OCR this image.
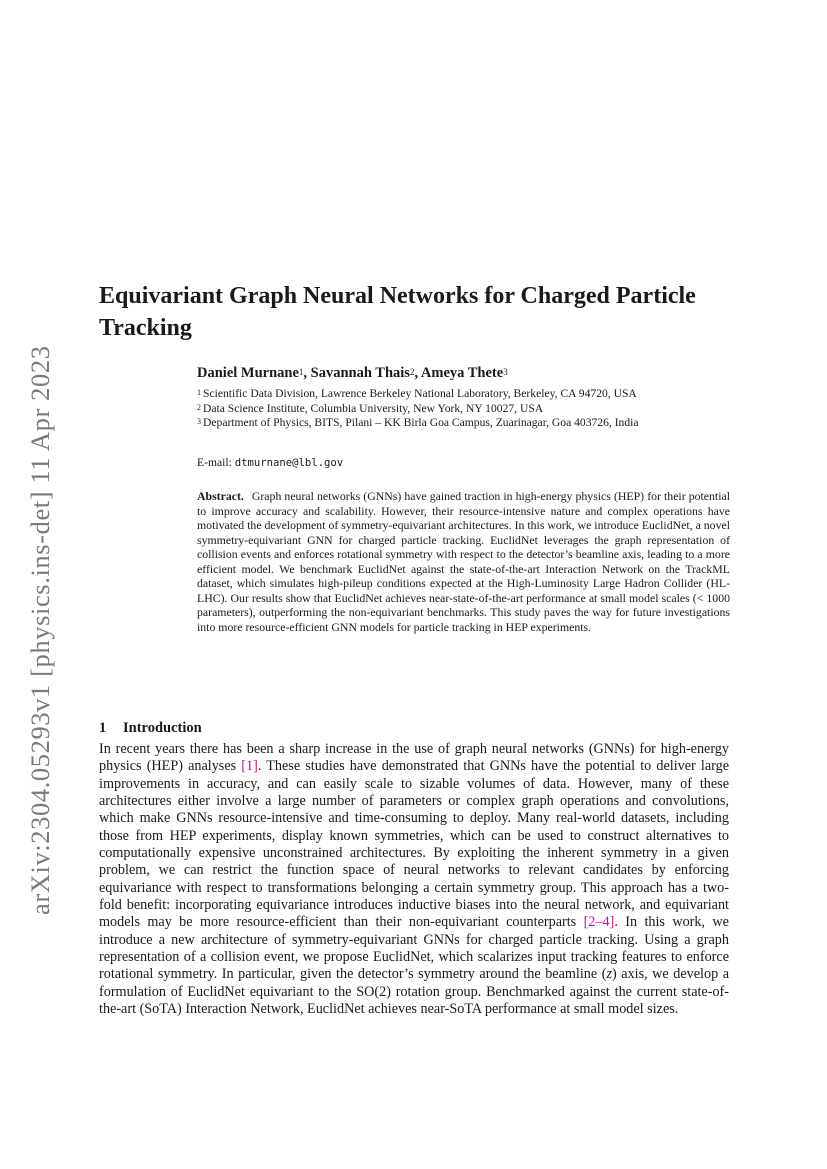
arXiv:2304.05293v1 [physics.ins-det] 11 Apr 2023
Equivariant Graph Neural Networks for Charged Particle Tracking
Daniel Murnane$^1$, Savannah Thais$^2$, Ameya Thete$^3$

$^1$ Scientific Data Division, Lawrence Berkeley National Laboratory, Berkeley, CA 94720, USA

$^2$ Data Science Institute, Columbia University, New York, NY 10027, USA

$^3$ Department of Physics, BITS, Pilani – KK Birla Goa Campus, Zuarinagar, Goa 403726, India

E-mail: dtmurnane@lbl.gov
Abstract. Graph neural networks (GNNs) have gained traction in high-energy physics (HEP) for their potential to improve accuracy and scalability. However, their resource-intensive nature and complex operations have motivated the development of symmetry-equivariant architectures. In this work, we introduce EuclidNet, a novel symmetry-equivariant GNN for charged particle tracking. EuclidNet leverages the graph representation of collision events and enforces rotational symmetry with respect to the detector’s beamline axis, leading to a more efficient model. We benchmark EuclidNet against the state-of-the-art Interaction Network on the TrackML dataset, which simulates high-pileup conditions expected at the High-Luminosity Large Hadron Collider (HL-LHC). Our results show that EuclidNet achieves near-state-of-the-art performance at small model scales (< 1000 parameters), outperforming the non-equivariant benchmarks. This study paves the way for future investigations into more resource-efficient GNN models for particle tracking in HEP experiments.
1 Introduction

In recent years there has been a sharp increase in the use of graph neural networks (GNNs) for high-energy physics (HEP) analyses [1]. These studies have demonstrated that GNNs have the potential to deliver large improvements in accuracy, and can easily scale to sizable volumes of data. However, many of these architectures either involve a large number of parameters or complex graph operations and convolutions, which make GNNs resource-intensive and time-consuming to deploy. Many real-world datasets, including those from HEP experiments, display known symmetries, which can be used to construct alternatives to computationally expensive unconstrained architectures. By exploiting the inherent symmetry in a given problem, we can restrict the function space of neural networks to relevant candidates by enforcing equivariance with respect to transformations belonging a certain symmetry group. This approach has a two-fold benefit: incorporating equivariance introduces inductive biases into the neural network, and equivariant models may be more resource-efficient than their non-equivariant counterparts [2–4]. In this work, we introduce a new architecture of symmetry-equivariant GNNs for charged particle tracking. Using a graph representation of a collision event, we propose EuclidNet, which scalarizes input tracking features to enforce rotational symmetry. In particular, given the detector’s symmetry around the beamline (z) axis, we develop a formulation of EuclidNet equivariant to the SO(2) rotation group. Benchmarked against the current state-of-the-art (SoTA) Interaction Network, EuclidNet achieves near-SoTA performance at small model sizes.
